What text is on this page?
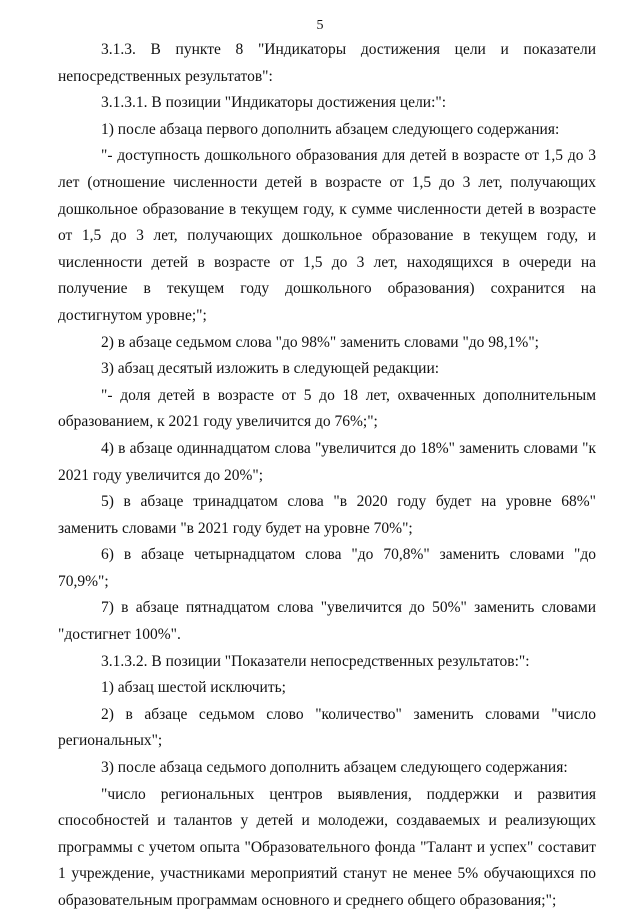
5

3.1.3. В пункте 8 "Индикаторы достижения цели и показатели непосредственных результатов":

3.1.3.1. В позиции "Индикаторы достижения цели:":

1) после абзаца первого дополнить абзацем следующего содержания:

"- доступность дошкольного образования для детей в возрасте от 1,5 до 3 лет (отношение численности детей в возрасте от 1,5 до 3 лет, получающих дошкольное образование в текущем году, к сумме численности детей в возрасте от 1,5 до 3 лет, получающих дошкольное образование в текущем году, и численности детей в возрасте от 1,5 до 3 лет, находящихся в очереди на получение в текущем году дошкольного образования) сохранится на достигнутом уровне;";

2) в абзаце седьмом слова "до 98%" заменить словами "до 98,1%";

3) абзац десятый изложить в следующей редакции:

"- доля детей в возрасте от 5 до 18 лет, охваченных дополнительным образованием, к 2021 году увеличится до 76%;";

4) в абзаце одиннадцатом слова "увеличится до 18%" заменить словами "к 2021 году увеличится до 20%";

5) в абзаце тринадцатом слова "в 2020 году будет на уровне 68%" заменить словами "в 2021 году будет на уровне 70%";

6) в абзаце четырнадцатом слова "до 70,8%" заменить словами "до 70,9%";

7) в абзаце пятнадцатом слова "увеличится до 50%" заменить словами "достигнет 100%".

3.1.3.2. В позиции "Показатели непосредственных результатов:":

1) абзац шестой исключить;

2) в абзаце седьмом слово "количество" заменить словами "число региональных";

3) после абзаца седьмого дополнить абзацем следующего содержания:

"число региональных центров выявления, поддержки и развития способностей и талантов у детей и молодежи, создаваемых и реализующих программы с учетом опыта "Образовательного фонда "Талант и успех" составит 1 учреждение, участниками мероприятий станут не менее 5% обучающихся по образовательным программам основного и среднего общего образования;";
